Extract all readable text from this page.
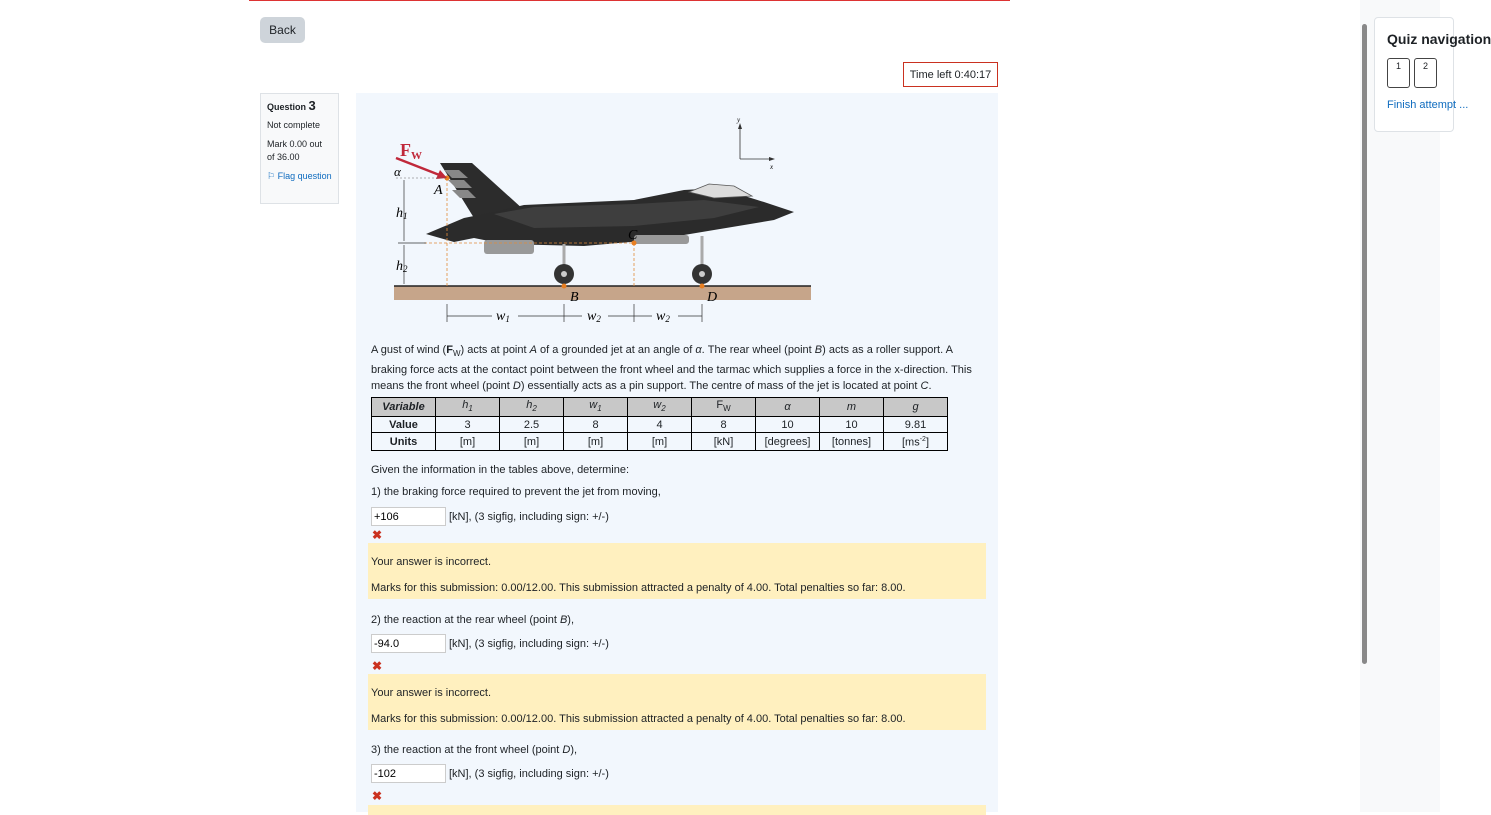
Back
Time left 0:40:17
Question 3
Not complete
Mark 0.00 out of 36.00
⚐ Flag question
y
x
FW
α
A
C
B	D
h1
h2
w1	w2	w2
A gust of wind $(F_W)$ acts at point A of a grounded jet at an angle of α. The rear wheel (point B) acts as a roller support. A braking force acts at the contact point between the front wheel and the tarmac which supplies a force in the x-direction. This means the front wheel (point D) essentially acts as a pin support. The centre of mass of the jet is located at point C.
Variable	$h_1$	$h_2$	$w_1$	$w_2$	$F_W$	α	m	g
Value	3	2.5	8	4	8	10	10	9.81
Units	[m]	[m]	[m]	[m]	[kN]	[degrees]	[tonnes]	$[ms^{-2}]$
Given the information in the tables above, determine:
1) the braking force required to prevent the jet from moving,
+106
[kN], (3 sigfig, including sign: +/-)
✖
Your answer is incorrect.
Marks for this submission: 0.00/12.00. This submission attracted a penalty of 4.00. Total penalties so far: 8.00.
2) the reaction at the rear wheel (point B),
-94.0
[kN], (3 sigfig, including sign: +/-)
✖
Your answer is incorrect.
Marks for this submission: 0.00/12.00. This submission attracted a penalty of 4.00. Total penalties so far: 8.00.
3) the reaction at the front wheel (point D),
-102
[kN], (3 sigfig, including sign: +/-)
✖
Quiz navigation
1	2
Finish attempt ...
